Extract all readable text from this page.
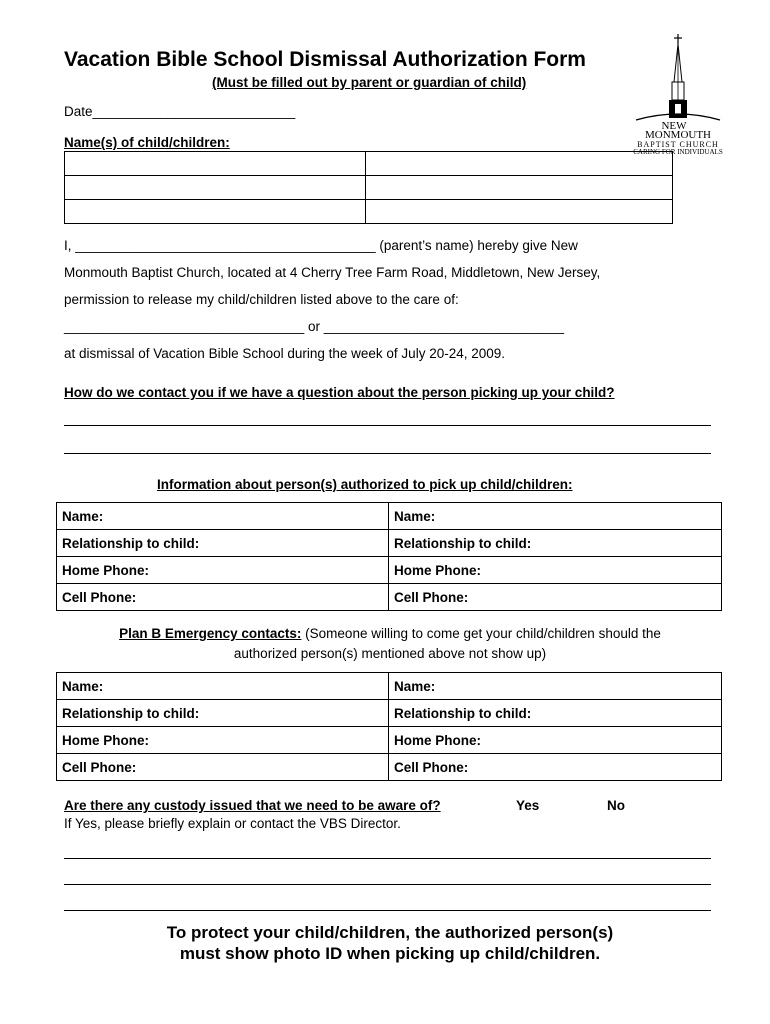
Vacation Bible School Dismissal Authorization Form
(Must be filled out by parent or guardian of child)
NEW
MONMOUTH
BAPTIST CHURCH
CARING FOR INDIVIDUALS
Date___________________________
Name(s) of child/children:

I, ________________________________________ (parent’s name) hereby give New
Monmouth Baptist Church, located at 4 Cherry Tree Farm Road, Middletown, New Jersey,
permission to release my child/children listed above to the care of:
________________________________ or ________________________________
at dismissal of Vacation Bible School during the week of July 20-24, 2009.
How do we contact you if we have a question about the person picking up your child?
Information about person(s) authorized to pick up child/children:
Name:	Name:
Relationship to child:	Relationship to child:
Home Phone:	Home Phone:
Cell Phone:	Cell Phone:
Plan B Emergency contacts: (Someone willing to come get your child/children should the
authorized person(s) mentioned above not show up)
Name:	Name:
Relationship to child:	Relationship to child:
Home Phone:	Home Phone:
Cell Phone:	Cell Phone:
Are there any custody issued that we need to be aware of?	Yes	No
If Yes, please briefly explain or contact the VBS Director.
To protect your child/children, the authorized person(s)
must show photo ID when picking up child/children.
